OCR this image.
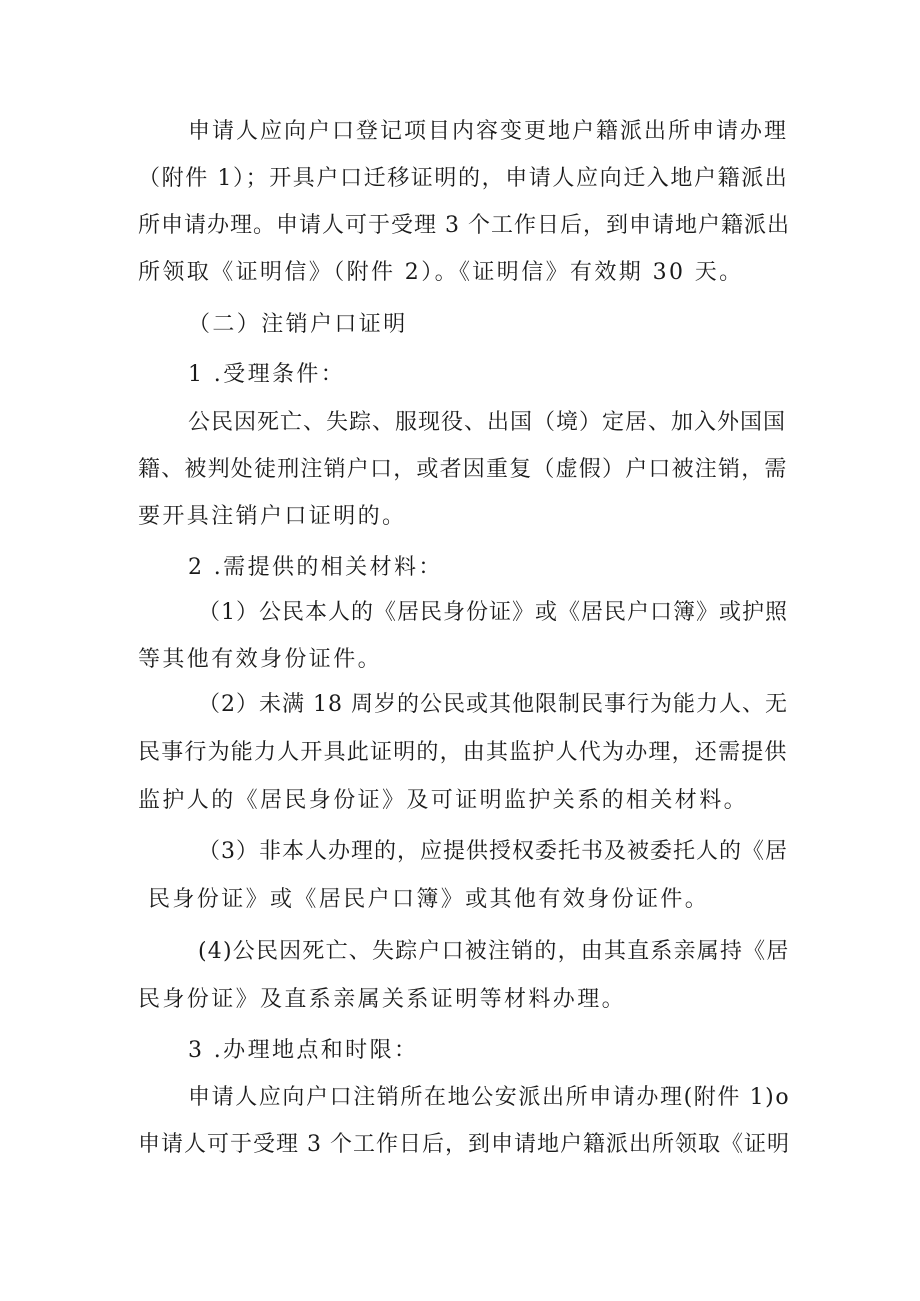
申请人应向户口登记项目内容变更地户籍派出所申请办理
（附件 1）；开具户口迁移证明的，申请人应向迁入地户籍派出
所申请办理。申请人可于受理 3 个工作日后，到申请地户籍派出
所领取《证明信》（附件 2）。《证明信》有效期 30 天。
（二）注销户口证明
1 .受理条件：
公民因死亡、失踪、服现役、出国（境）定居、加入外国国
籍、被判处徒刑注销户口，或者因重复（虚假）户口被注销，需
要开具注销户口证明的。
2 .需提供的相关材料：
（1）公民本人的《居民身份证》或《居民户口簿》或护照
等其他有效身份证件。
（2）未满 18 周岁的公民或其他限制民事行为能力人、无
民事行为能力人开具此证明的，由其监护人代为办理，还需提供
监护人的《居民身份证》及可证明监护关系的相关材料。
（3）非本人办理的，应提供授权委托书及被委托人的《居
民身份证》或《居民户口簿》或其他有效身份证件。
(4)公民因死亡、失踪户口被注销的，由其直系亲属持《居
民身份证》及直系亲属关系证明等材料办理。
3 .办理地点和时限：
申请人应向户口注销所在地公安派出所申请办理(附件 1)o
申请人可于受理 3 个工作日后，到申请地户籍派出所领取《证明
